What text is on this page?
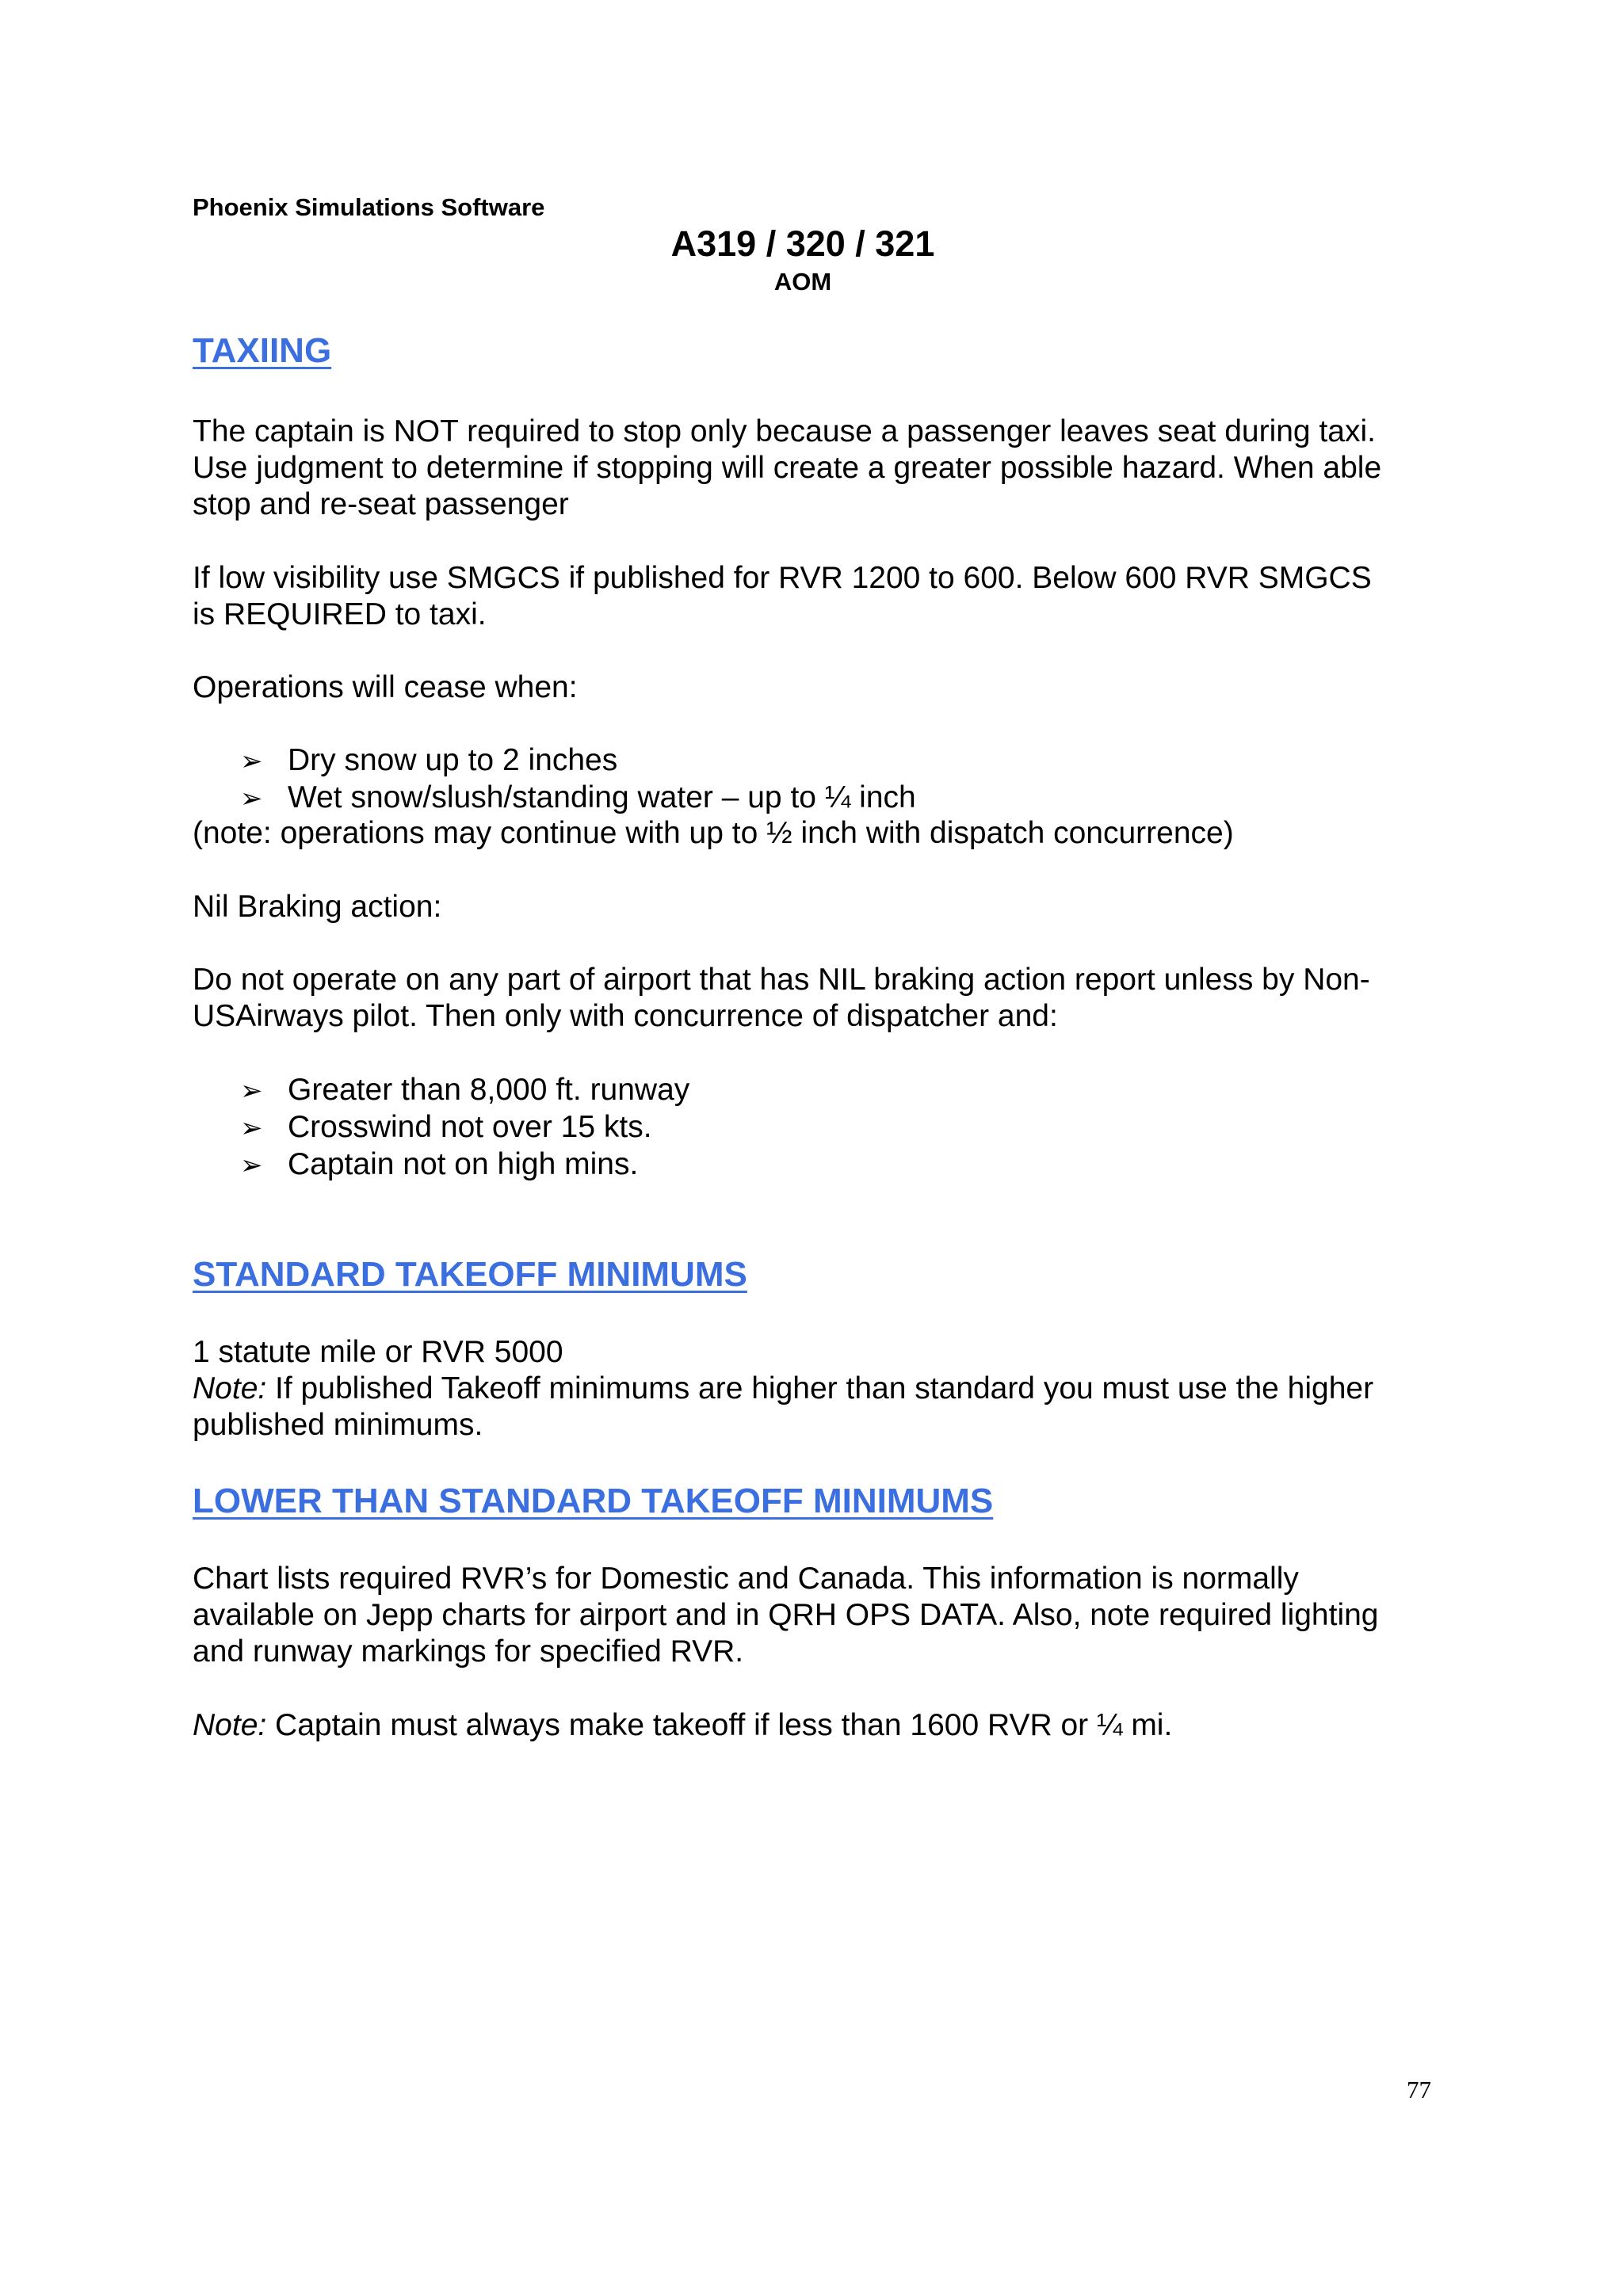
Phoenix Simulations Software
A319 / 320 / 321
AOM
TAXIING
The captain is NOT required to stop only because a passenger leaves seat during taxi.
Use judgment to determine if stopping will create a greater possible hazard. When able
stop and re-seat passenger
If low visibility use SMGCS if published for RVR 1200 to 600. Below 600 RVR SMGCS
is REQUIRED to taxi.
Operations will cease when:
➢ Dry snow up to 2 inches
➢ Wet snow/slush/standing water – up to ¼ inch
(note: operations may continue with up to ½ inch with dispatch concurrence)
Nil Braking action:
Do not operate on any part of airport that has NIL braking action report unless by Non-
USAirways pilot. Then only with concurrence of dispatcher and:
➢ Greater than 8,000 ft. runway
➢ Crosswind not over 15 kts.
➢ Captain not on high mins.
STANDARD TAKEOFF MINIMUMS
1 statute mile or RVR 5000
Note: If published Takeoff minimums are higher than standard you must use the higher
published minimums.
LOWER THAN STANDARD TAKEOFF MINIMUMS
Chart lists required RVR’s for Domestic and Canada. This information is normally
available on Jepp charts for airport and in QRH OPS DATA. Also, note required lighting
and runway markings for specified RVR.
Note: Captain must always make takeoff if less than 1600 RVR or ¼ mi.
77
